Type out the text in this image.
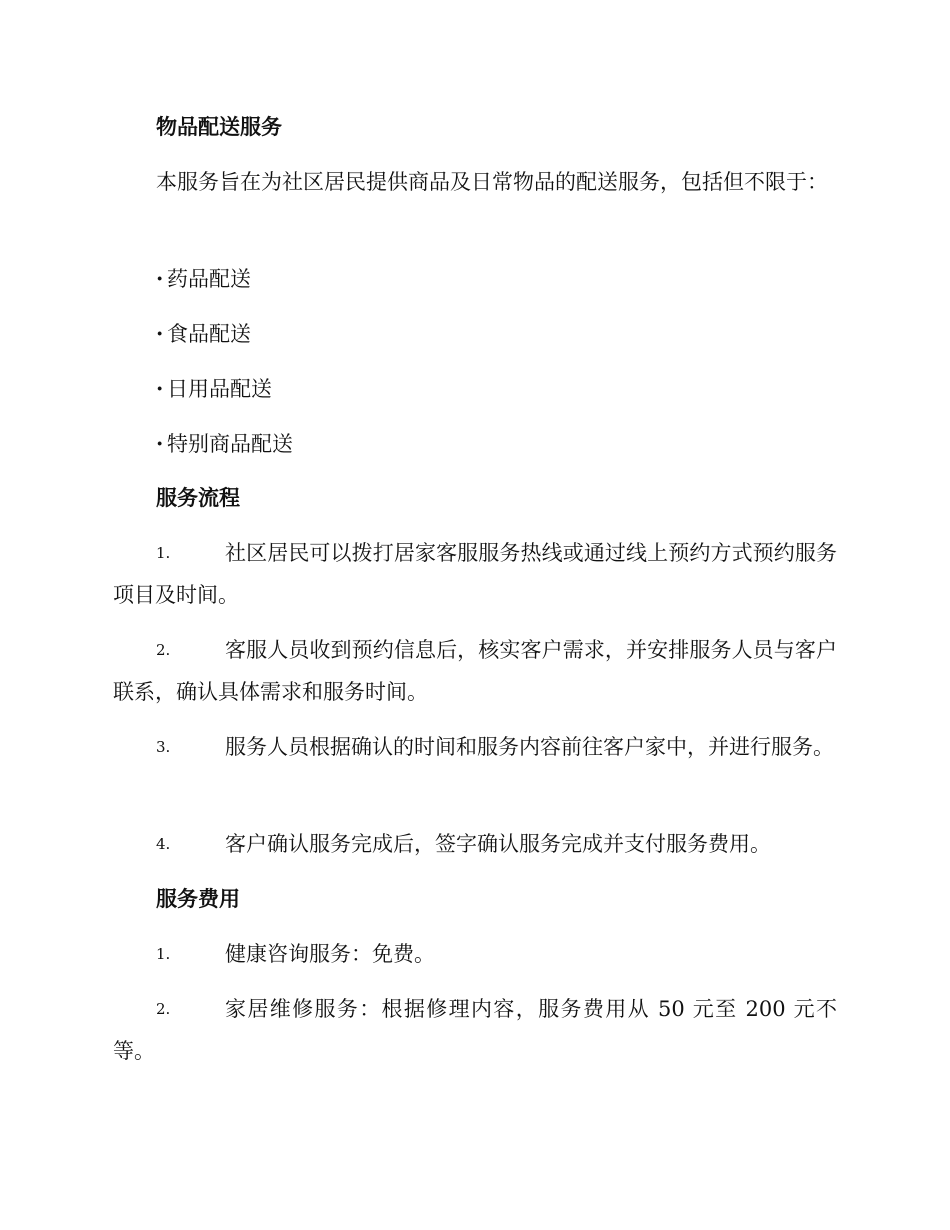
物品配送服务
本服务旨在为社区居民提供商品及日常物品的配送服务，包括但不限于：
· 药品配送
· 食品配送
· 日用品配送
· 特别商品配送
服务流程
1.	社区居民可以拨打居家客服服务热线或通过线上预约方式预约服务项目及时间。
2.	客服人员收到预约信息后，核实客户需求，并安排服务人员与客户联系，确认具体需求和服务时间。
3.	服务人员根据确认的时间和服务内容前往客户家中，并进行服务。
4.	客户确认服务完成后，签字确认服务完成并支付服务费用。
服务费用
1.	健康咨询服务：免费。
2.	家居维修服务：根据修理内容，服务费用从 50 元至 200 元不等。
